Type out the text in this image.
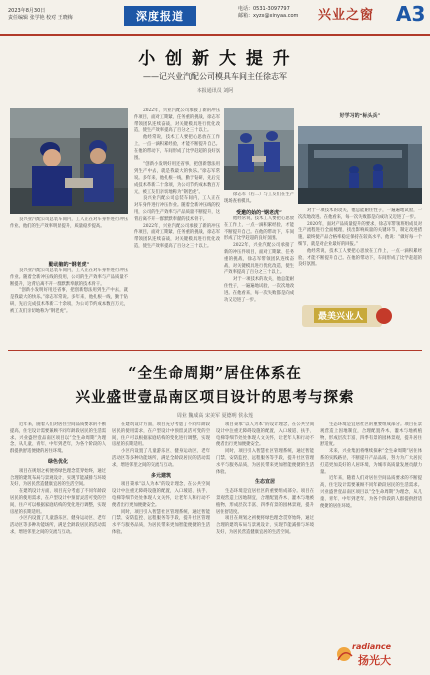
2023年8月30日
责任编辑 张学艳 校对 王晓梅	深度报道
电话：0531-3097797
邮箱：xyzx@xinyaa.com 兴业之窗 A3
小 创 新 大 提 升
——记兴业汽配公司模具车间主任徐志军
本报通讯员 刘阿
好学习的“标头兵”

良兴业汽配公司总装车间内，工人正在对车身件进行冲压作业。他们的生产效率明显提升，质量稳步提高。

勤动脑的“钢老虎”

良兴业汽配公司总装车间内，工人正在对车身件进行冲压作业。随着全新冲压线的投用，公司的生产效率与产品质量不断提升，这背后离不开一群默默奉献的技术骨干。

“创新小发明好用还省事，把创新想法用到生产中去，就是我最大的快乐。”徐志军常说。多年来，他扎根一线，勤于钻研，先后完成技术革新二十余项，为公司节约成本数百万元，被工友们亲切地称为“钢老虎”。

2022年，兴业汽配公司承接了新的冲压件项目，面对工期紧、任务重的挑战，徐志军带领团队连续奋战，对关键模具进行优化改造，使生产效率提高了百分之三十以上。

他经常说，技术工人要把心思放在工作上，一点一滴积累经验，才能不断提升自己。在他的带动下，车间形成了比学赶超的良好氛围。

“创新小发明好用还省事，把创新想法用到生产中去，就是我最大的快乐。”徐志军常说。多年来，他扎根一线，勤于钻研，先后完成技术革新二十余项，为公司节约成本数百万元，被工友们亲切地称为“钢老虎”。

良兴业汽配公司总装车间内，工人正在对车身件进行冲压作业。随着全新冲压线的投用，公司的生产效率与产品质量不断提升，这背后离不开一群默默奉献的技术骨干。

2022年，兴业汽配公司承接了新的冲压件项目，面对工期紧、任务重的挑战，徐志军带领团队连续奋战，对关键模具进行优化改造，使生产效率提高了百分之三十以上。

徐志军（右二）与工友们在生产现场查看模具。

受邀的始的“钢老虎”

他经常说，技术工人要把心思放在工作上，一点一滴积累经验，才能不断提升自己。在他的带动下，车间形成了比学赶超的良好氛围。

2022年，兴业汽配公司承接了新的冲压件项目，面对工期紧、任务重的挑战，徐志军带领团队连续奋战，对关键模具进行优化改造，使生产效率提高了百分之三十以上。

对于一项技术的攻关，他总能耐住性子，一遍遍地试验，一次次地改进。在他看来，每一次失败都是向成功又迈进了一步。

对于一项技术的攻关，他总能耐住性子，一遍遍地试验，一次次地改进。在他看来，每一次失败都是向成功又迈进了一步。

2020年，面对产品质量提升的要求，徐志军带领班组成员对生产流程进行全面梳理，找出影响质量的关键环节，制定改进措施，最终使产品合格率稳定保持在较高水平。他说：“做好每一个细节，就是对企业最好的回报。”

他经常说，技术工人要把心思放在工作上，一点一滴积累经验，才能不断提升自己。在他的带动下，车间形成了比学赶超的良好氛围。

最美兴业人
“全生命周期”居住体系在
兴业盛世壹品南区项目设计的思考与探索
周业 魏成高 宋美军 夏德明 侯永莲

近年来，随着人们对居住空间品质要求的不断提高，住宅设计需要兼顾不同年龄段居民的生活需求。兴业盛世壹品南区项目以“全生命周期”为理念，从儿童、青年、中年到老年，为各个阶段的人群提供舒适便捷的居住环境。

绿色优化

项目在规划之初便将绿色理念贯穿始终，通过合理的建筑布局与景观设计，实现节能减排与环境友好，为居民营造健康宜居的生活空间。

在建筑设计方面，项目充分考虑了不同年龄段居民的使用需求，在户型设计中预留灵活可变的空间，住户可以根据家庭结构的变化进行调整，实现房屋的长期适用。

小区内设置了儿童游乐区、健身运动区、老年活动区等多种功能场所，满足全龄段居民的活动需求，增进邻里之间的交流与互动。

在建筑设计方面，项目充分考虑了不同年龄段居民的使用需求，在户型设计中预留灵活可变的空间，住户可以根据家庭结构的变化进行调整，实现房屋的长期适用。

小区内设置了儿童游乐区、健身运动区、老年活动区等多种功能场所，满足全龄段居民的活动需求，增进邻里之间的交流与互动。

多元建筑

项目秉承“以人为本”的设计理念，在公共空间设计中注重无障碍设施的配置，入口坡道、扶手、电梯等细节处处体现人文关怀，让老年人和行动不便者出行更加便捷安全。

同时，项目引入智慧社区管理系统，通过智能门禁、安防监控、远程服务等手段，提升社区管理水平与服务品质，为居民带来更加智能便捷的生活体验。

项目秉承“以人为本”的设计理念，在公共空间设计中注重无障碍设施的配置，入口坡道、扶手、电梯等细节处处体现人文关怀，让老年人和行动不便者出行更加便捷安全。

同时，项目引入智慧社区管理系统，通过智能门禁、安防监控、远程服务等手段，提升社区管理水平与服务品质，为居民带来更加智能便捷的生活体验。

生态宜居

生态环境是宜居社区的重要组成部分。项目在景观营造上因地制宜，合理配置乔木、灌木与地被植物，形成层次丰富、四季有景的园林景观，提升居住舒适度。

项目在规划之初便将绿色理念贯穿始终，通过合理的建筑布局与景观设计，实现节能减排与环境友好，为居民营造健康宜居的生活空间。

生态环境是宜居社区的重要组成部分。项目在景观营造上因地制宜，合理配置乔木、灌木与地被植物，形成层次丰富、四季有景的园林景观，提升居住舒适度。

未来，兴业集团将继续探索“全生命周期”居住体系的实践路径，不断提升产品品质，努力为广大居民打造更加美好的人居环境，为城市高质量发展贡献力量。

近年来，随着人们对居住空间品质要求的不断提高，住宅设计需要兼顾不同年龄段居民的生活需求。兴业盛世壹品南区项目以“全生命周期”为理念，从儿童、青年、中年到老年，为各个阶段的人群提供舒适便捷的居住环境。

radiance
扬光大
